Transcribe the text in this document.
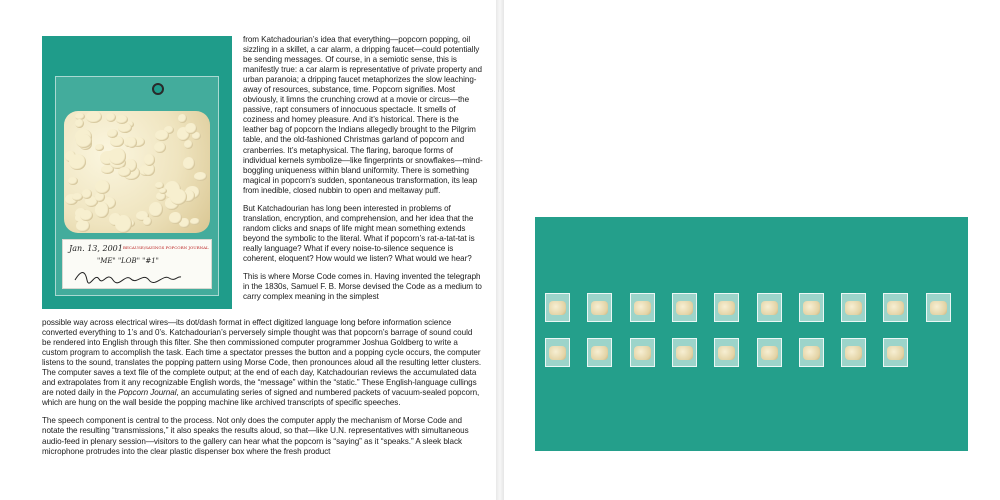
Jan. 13, 2001 BECAUSE/SAYINGS POPCORN JOURNAL
"ME" "LOB" "#1"

from Katchadourian’s idea that everything—popcorn popping, oil sizzling in a skillet, a car alarm, a dripping faucet—could potentially be sending messages. Of course, in a semiotic sense, this is manifestly true: a car alarm is representative of private property and urban paranoia; a dripping faucet metaphorizes the slow leaching-away of resources, substance, time. Popcorn signifies. Most obviously, it limns the crunching crowd at a movie or circus—the passive, rapt consumers of innocuous spectacle. It smells of coziness and homey pleasure. And it’s historical. There is the leather bag of popcorn the Indians allegedly brought to the Pilgrim table, and the old-fashioned Christmas garland of popcorn and cranberries. It’s metaphysical. The flaring, baroque forms of individual kernels symbolize—like fingerprints or snowflakes—mind-boggling uniqueness within bland uniformity. There is something magical in popcorn’s sudden, spontaneous transformation, its leap from inedible, closed nubbin to open and meltaway puff.

But Katchadourian has long been interested in problems of translation, encryption, and comprehension, and her idea that the random clicks and snaps of life might mean something extends beyond the symbolic to the literal. What if popcorn’s rat-a-tat-tat is really language? What if every noise-to-silence sequence is coherent, eloquent? How would we listen? What would we hear?

This is where Morse Code comes in. Having invented the telegraph in the 1830s, Samuel F. B. Morse devised the Code as a medium to carry complex meaning in the simplest

possible way across electrical wires—its dot/dash format in effect digitized language long before information science converted everything to 1’s and 0’s. Katchadourian’s perversely simple thought was that popcorn’s barrage of sound could be rendered into English through this filter. She then commissioned computer programmer Joshua Goldberg to write a custom program to accomplish the task. Each time a spectator presses the button and a popping cycle occurs, the computer listens to the sound, translates the popping pattern using Morse Code, then pronounces aloud all the resulting letter clusters. The computer saves a text file of the complete output; at the end of each day, Katchadourian reviews the accumulated data and extrapolates from it any recognizable English words, the “message” within the “static.” These English-language cullings are noted daily in the Popcorn Journal, an accumulating series of signed and numbered packets of vacuum-sealed popcorn, which are hung on the wall beside the popping machine like archived transcripts of specific speeches.

The speech component is central to the process. Not only does the computer apply the mechanism of Morse Code and notate the resulting “transmissions,” it also speaks the results aloud, so that—like U.N. representatives with simultaneous audio-feed in plenary session—visitors to the gallery can hear what the popcorn is “saying” as it “speaks.” A sleek black microphone protrudes into the clear plastic dispenser box where the fresh product
